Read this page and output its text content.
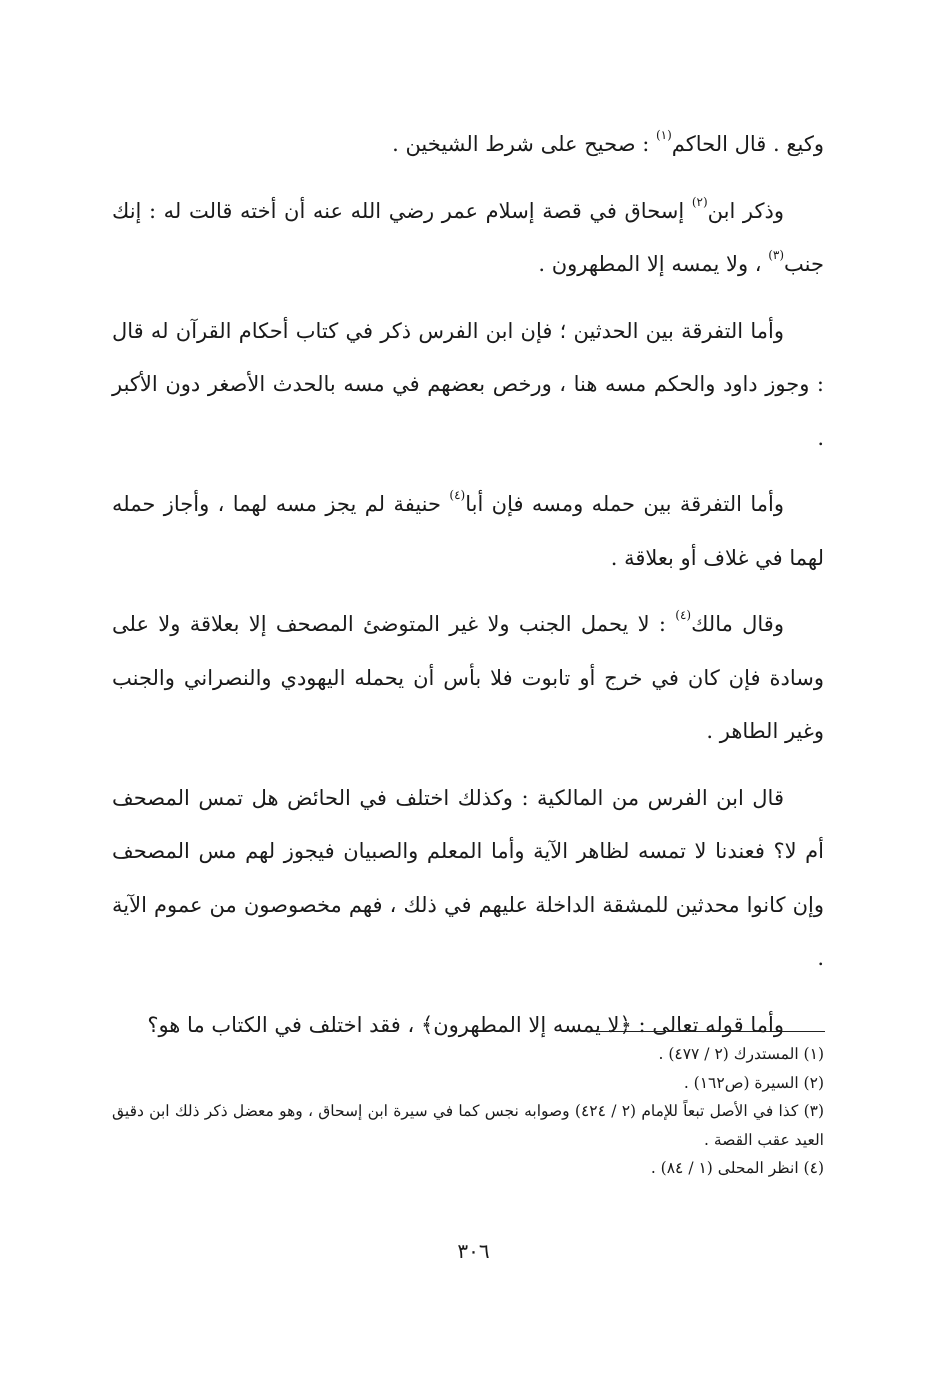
وكيع . قال الحاكم$^{(١)}$ : صحيح على شرط الشيخين .

وذكر ابن$^{(٢)}$ إسحاق في قصة إسلام عمر رضي الله عنه أن أخته قالت له : إنك جنب$^{(٣)}$ ، ولا يمسه إلا المطهرون .

وأما التفرقة بين الحدثين ؛ فإن ابن الفرس ذكر في كتاب أحكام القرآن له قال : وجوز داود والحكم مسه هنا ، ورخص بعضهم في مسه بالحدث الأصغر دون الأكبر .

وأما التفرقة بين حمله ومسه فإن أبا$^{(٤)}$ حنيفة لم يجز مسه لهما ، وأجاز حمله لهما في غلاف أو بعلاقة .

وقال مالك$^{(٤)}$ : لا يحمل الجنب ولا غير المتوضئ المصحف إلا بعلاقة ولا على وسادة فإن كان في خرج أو تابوت فلا بأس أن يحمله اليهودي والنصراني والجنب وغير الطاهر .

قال ابن الفرس من المالكية : وكذلك اختلف في الحائض هل تمس المصحف أم لا؟ فعندنا لا تمسه لظاهر الآية وأما المعلم والصبيان فيجوز لهم مس المصحف وإن كانوا محدثين للمشقة الداخلة عليهم في ذلك ، فهم مخصوصون من عموم الآية .

وأما قوله تعالى : ﴿لا يمسه إلا المطهرون﴾ ، فقد اختلف في الكتاب ما هو؟

(١) المستدرك (٢ / ٤٧٧) .

(٢) السيرة (ص١٦٢) .

(٣) كذا في الأصل تبعاً للإمام (٢ / ٤٢٤) وصوابه نجس كما في سيرة ابن إسحاق ، وهو معضل ذكر ذلك ابن دقيق العيد عقب القصة .

(٤) انظر المحلى (١ / ٨٤) .

٣٠٦
